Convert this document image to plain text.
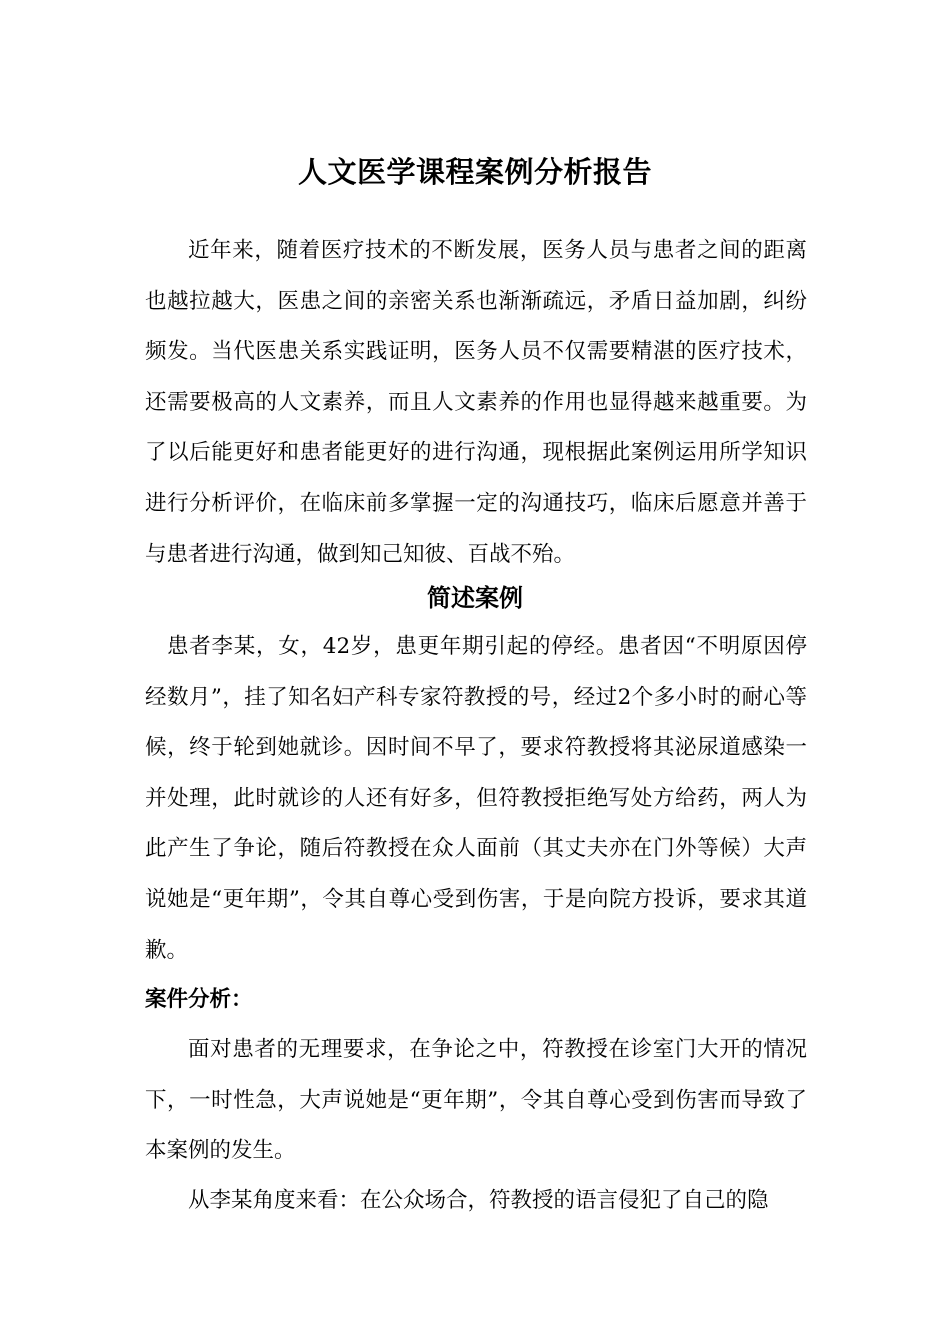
人文医学课程案例分析报告

近年来，随着医疗技术的不断发展，医务人员与患者之间的距离也越拉越大，医患之间的亲密关系也渐渐疏远，矛盾日益加剧，纠纷频发。当代医患关系实践证明，医务人员不仅需要精湛的医疗技术，还需要极高的人文素养，而且人文素养的作用也显得越来越重要。为了以后能更好和患者能更好的进行沟通，现根据此案例运用所学知识进行分析评价，在临床前多掌握一定的沟通技巧，临床后愿意并善于与患者进行沟通，做到知己知彼、百战不殆。

简述案例

患者李某，女，42岁，患更年期引起的停经。患者因“不明原因停经数月”，挂了知名妇产科专家符教授的号，经过2个多小时的耐心等候，终于轮到她就诊。因时间不早了，要求符教授将其泌尿道感染一并处理，此时就诊的人还有好多，但符教授拒绝写处方给药，两人为此产生了争论，随后符教授在众人面前（其丈夫亦在门外等候）大声说她是“更年期”，令其自尊心受到伤害，于是向院方投诉，要求其道歉。

案件分析：

面对患者的无理要求，在争论之中，符教授在诊室门大开的情况下，一时性急，大声说她是“更年期”，令其自尊心受到伤害而导致了本案例的发生。

从李某角度来看：在公众场合，符教授的语言侵犯了自己的隐
